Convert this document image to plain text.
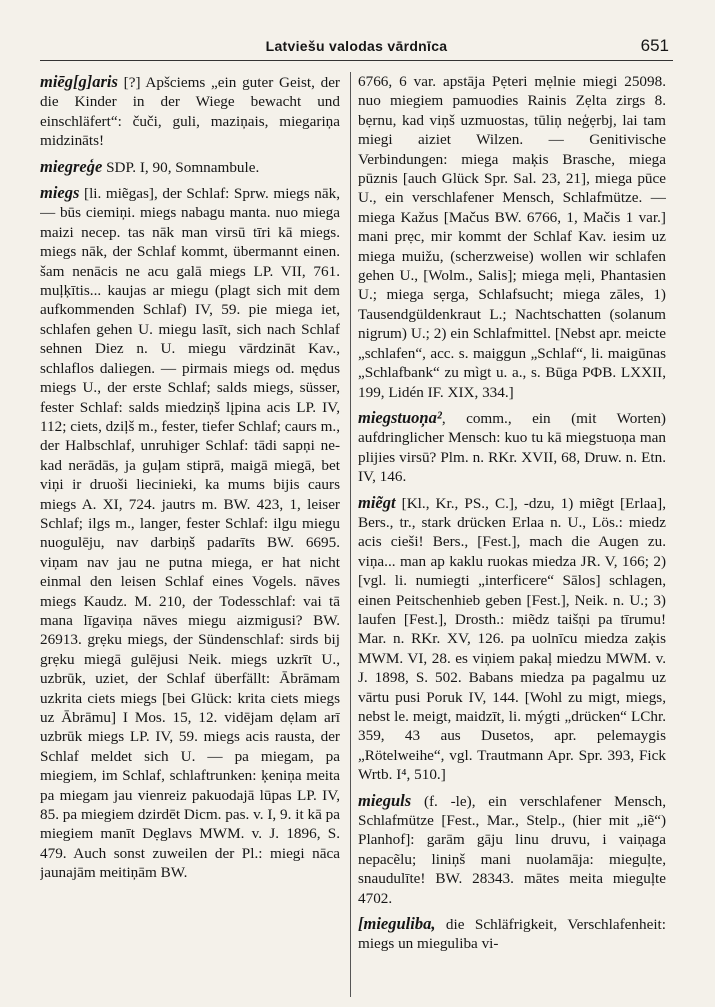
Latviešu valodas vārdnīca	651

miēg[g]aris [?] Apšciems „ein guter Geist, der die Kinder in der Wiege bewacht und einschläfert“: čuči, guli, maziņais, miegariņa midzināts!

miegreģe SDP. I, 90, Somnambule.

miegs [li. miẽgas], der Schlaf: Sprw. miegs nāk, — būs ciemiņi. miegs nabagu manta. nuo miega maizi necep. tas nāk man virsū tīri kā miegs. miegs nāk, der Schlaf kommt, übermannt einen. šam nenācis ne acu galā miegs LP. VII, 761. muļķītis... kaujas ar miegu (plagt sich mit dem aufkommenden Schlaf) IV, 59. pie miega iet, schlafen gehen U. miegu lasīt, sich nach Schlaf sehnen Diez n. U. miegu vārdzināt Kav., schlaflos daliegen. — pirmais miegs od. mędus miegs U., der erste Schlaf; salds miegs, süsser, fester Schlaf: salds miedziņš lįpina acis LP. IV, 112; ciets, dziļš m., fester, tiefer Schlaf; caurs m., der Halbschlaf, unruhiger Schlaf: tādi sapņi ne-kad nerādās, ja guļam stiprā, maigā miegā, bet viņi ir druoši liecinieki, ka mums bijis caurs miegs A. XI, 724. jautrs m. BW. 423, 1, leiser Schlaf; ilgs m., langer, fester Schlaf: ilgu miegu nuogulēju, nav darbiņš padarīts BW. 6695. viņam nav jau ne putna miega, er hat nicht einmal den leisen Schlaf eines Vogels. nāves miegs Kaudz. M. 210, der Todesschlaf: vai tā mana līgaviņa nāves miegu aizmigusi? BW. 26913. grẹku miegs, der Sündenschlaf: sirds bij grẹku miegā gulējusi Neik. miegs uzkrīt U., uzbrūk, uziet, der Schlaf überfällt: Ābrāmam uzkrita ciets miegs [bei Glück: krita ciets miegs uz Ābrāmu] I Mos. 15, 12. vidējam dẹlam arī uzbrūk miegs LP. IV, 59. miegs acis rausta, der Schlaf meldet sich U. — pa miegam, pa miegiem, im Schlaf, schlaftrunken: ķeniņa meita pa miegam jau vienreiz pakuodajā lūpas LP. IV, 85. pa miegiem dzirdēt Dicm. pas. v. I, 9. it kā pa miegiem manīt Dẹglavs MWM. v. J. 1896, S. 479. Auch sonst zuweilen der Pl.: miegi nāca jaunajām meitiņām BW.

6766, 6 var. apstāja Pẹteri mẹlnie miegi 25098. nuo miegiem pamuodies Rainis Zẹlta zirgs 8. bẹrnu, kad viņš uzmuostas, tūliņ neģẹrbj, lai tam miegi aiziet Wilzen. — Genitivische Verbindungen: miega maķis Brasche, miega pūznis [auch Glück Spr. Sal. 23, 21], miega pūce U., ein verschlafener Mensch, Schlafmütze. — miega Kažus [Mačus BW. 6766, 1, Mačis 1 var.] mani prẹc, mir kommt der Schlaf Kav. iesim uz miega muižu, (scherzweise) wollen wir schlafen gehen U., [Wolm., Salis]; miega mẹli, Phantasien U.; miega sẹrga, Schlafsucht; miega zāles, 1) Tausendgüldenkraut L.; Nachtschatten (solanum nigrum) U.; 2) ein Schlafmittel. [Nebst apr. meicte „schlafen“, acc. s. maiggun „Schlaf“, li. maigūnas „Schlafbank“ zu mìgt u. a., s. Būga РФВ. LXXII, 199, Lidén IF. XIX, 334.]

miegstuoņa², comm., ein (mit Worten) aufdringlicher Mensch: kuo tu kā miegstuoņa man plijies virsū? Plm. n. RKr. XVII, 68, Druw. n. Etn. IV, 146.

miẽgt [Kl., Kr., PS., C.], -dzu, 1) miẽgt [Erlaa], Bers., tr., stark drücken Erlaa n. U., Lös.: miedz acis cieši! Bers., [Fest.], mach die Augen zu. viņa... man ap kaklu ruokas miedza JR. V, 166; 2) [vgl. li. numiegti „interficere“ Sālos] schlagen, einen Peitschenhieb geben [Fest.], Neik. n. U.; 3) laufen [Fest.], Drosth.: miẽdz taišņi pa tīrumu! Mar. n. RKr. XV, 126. pa uolnīcu miedza zaķis MWM. VI, 28. es viņiem pakaļ miedzu MWM. v. J. 1898, S. 502. Babans miedza pa pagalmu uz vārtu pusi Poruk IV, 144. [Wohl zu migt, miegs, nebst le. meigt, maidzīt, li. mýgti „drücken“ LChr. 359, 43 aus Dusetos, apr. pelemaygis „Rötelweihe“, vgl. Trautmann Apr. Spr. 393, Fick Wrtb. I⁴, 510.]

mieguls (f. -le), ein verschlafener Mensch, Schlafmütze [Fest., Mar., Stelp., (hier mit „iẽ“) Planhof]: garām gāju linu druvu, i vaiņaga nepacẽlu; liniņš mani nuolamāja: mieguļte, snaudulīte! BW. 28343. mātes meita mieguļte 4702.

[mieguliba, die Schläfrigkeit, Verschlafenheit: miegs un mieguliba vi-
